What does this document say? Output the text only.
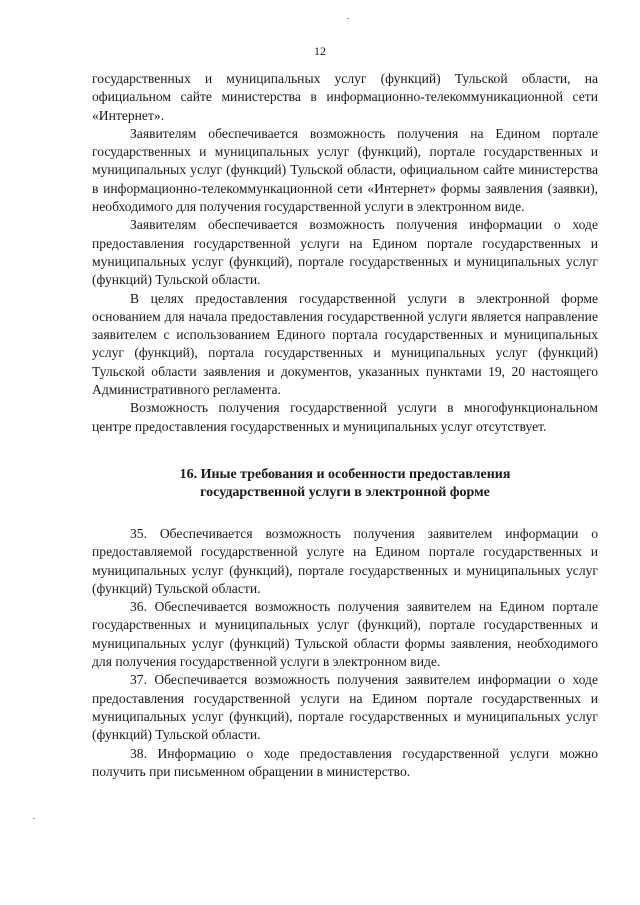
12

государственных и муниципальных услуг (функций) Тульской области, на официальном сайте министерства в информационно-телекоммуникационной сети «Интернет».

Заявителям обеспечивается возможность получения на Едином портале государственных и муниципальных услуг (функций), портале государственных и муниципальных услуг (функций) Тульской области, официальном сайте министерства в информационно-телекоммункационной сети «Интернет» формы заявления (заявки), необходимого для получения государственной услуги в электронном виде.

Заявителям обеспечивается возможность получения информации о ходе предоставления государственной услуги на Едином портале государственных и муниципальных услуг (функций), портале государственных и муниципальных услуг (функций) Тульской области.

В целях предоставления государственной услуги в электронной форме основанием для начала предоставления государственной услуги является направление заявителем с использованием Единого портала государственных и муниципальных услуг (функций), портала государственных и муниципальных услуг (функций) Тульской области заявления и документов, указанных пунктами 19, 20 настоящего Административного регламента.

Возможность получения государственной услуги в многофункциональном центре предоставления государственных и муниципальных услуг отсутствует.

16. Иные требования и особенности предоставления
государственной услуги в электронной форме

35. Обеспечивается возможность получения заявителем информации о предоставляемой государственной услуге на Едином портале государственных и муниципальных услуг (функций), портале государственных и муниципальных услуг (функций) Тульской области.

36. Обеспечивается возможность получения заявителем на Едином портале государственных и муниципальных услуг (функций), портале государственных и муниципальных услуг (функций) Тульской области формы заявления, необходимого для получения государственной услуги в электронном виде.

37. Обеспечивается возможность получения заявителем информации о ходе предоставления государственной услуги на Едином портале государственных и муниципальных услуг (функций), портале государственных и муниципальных услуг (функций) Тульской области.

38. Информацию о ходе предоставления государственной услуги можно получить при письменном обращении в министерство.
